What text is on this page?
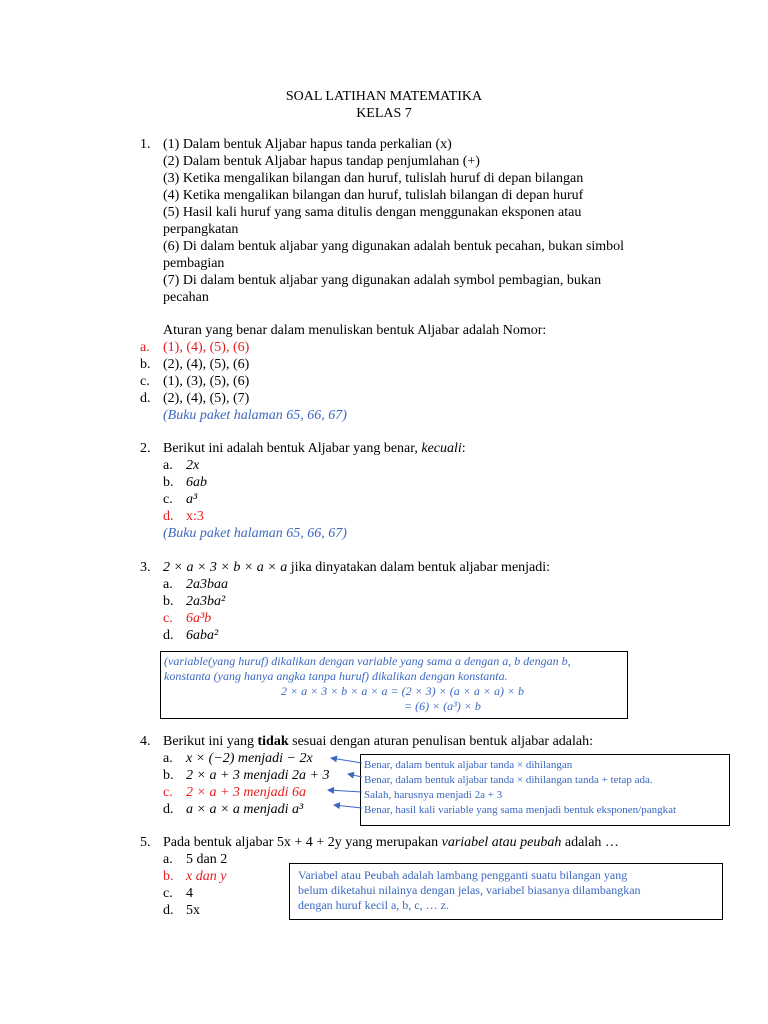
SOAL LATIHAN MATEMATIKA
KELAS 7
1. (1) Dalam bentuk Aljabar hapus tanda perkalian (x)
(2) Dalam bentuk Aljabar hapus tandap penjumlahan (+)
(3) Ketika mengalikan bilangan dan huruf, tulislah huruf di depan bilangan
(4) Ketika mengalikan bilangan dan huruf, tulislah bilangan di depan huruf
(5) Hasil kali huruf yang sama ditulis dengan menggunakan eksponen atau
perpangkatan
(6) Di dalam bentuk aljabar yang digunakan adalah bentuk pecahan, bukan simbol
pembagian
(7) Di dalam bentuk aljabar yang digunakan adalah symbol pembagian, bukan
pecahan
Aturan yang benar dalam menuliskan bentuk Aljabar adalah Nomor:
a. (1), (4), (5), (6)
b. (2), (4), (5), (6)
c. (1), (3), (5), (6)
d. (2), (4), (5), (7)
(Buku paket halaman 65, 66, 67)
2. Berikut ini adalah bentuk Aljabar yang benar, kecuali:
a. 2x
b. 6ab
c. a³
d. x:3
(Buku paket halaman 65, 66, 67)
3. 2 × a × 3 × b × a × a jika dinyatakan dalam bentuk aljabar menjadi:
a. 2a3baa
b. 2a3ba²
c. 6a³b
d. 6aba²
(variable(yang huruf) dikalikan dengan variable yang sama a dengan a, b dengan b,
konstanta (yang hanya angka tanpa huruf) dikalikan dengan konstanta.
2 × a × 3 × b × a × a = (2 × 3) × (a × a × a) × b
= (6) × (a³) × b
4. Berikut ini yang tidak sesuai dengan aturan penulisan bentuk aljabar adalah:
a. x × (−2) menjadi − 2x
b. 2 × a + 3 menjadi 2a + 3
c. 2 × a + 3 menjadi 6a
d. a × a × a menjadi a³
Benar, dalam bentuk aljabar tanda × dihilangan
Benar, dalam bentuk aljabar tanda × dihilangan tanda + tetap ada.
Salah, harusnya menjadi 2a + 3
Benar, hasil kali variable yang sama menjadi bentuk eksponen/pangkat
5. Pada bentuk aljabar 5x + 4 + 2y yang merupakan variabel atau peubah adalah …
a. 5 dan 2
b. x dan y
c. 4
d. 5x
Variabel atau Peubah adalah lambang pengganti suatu bilangan yang
belum diketahui nilainya dengan jelas, variabel biasanya dilambangkan
dengan huruf kecil a, b, c, … z.
